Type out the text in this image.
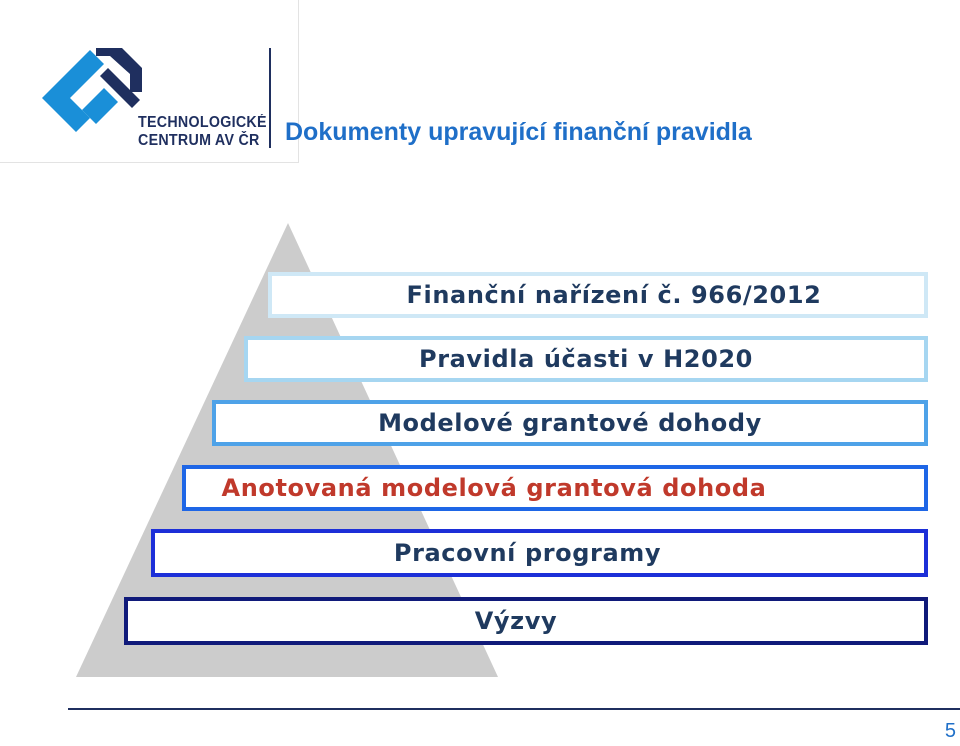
TECHNOLOGICKÉ
CENTRUM AV ČR Dokumenty upravující finanční pravidla
Finanční nařízení č. 966/2012
Pravidla účasti v H2020
Modelové grantové dohody
Anotovaná modelová grantová dohoda
Pracovní programy
Výzvy
5
